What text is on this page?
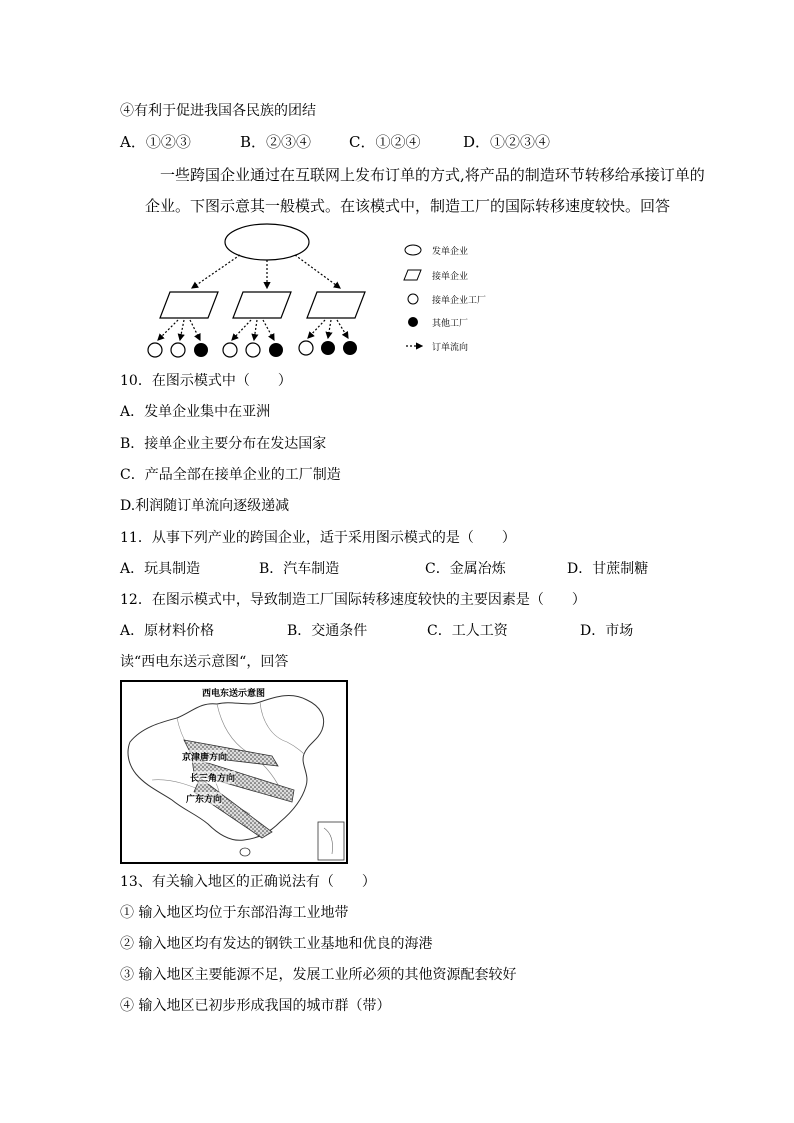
④有利于促进我国各民族的团结
A．①②③	B．②③④	C．①②④	D．①②③④
一些跨国企业通过在互联网上发布订单的方式,将产品的制造环节转移给承接订单的
企业。下图示意其一般模式。在该模式中，制造工厂的国际转移速度较快。回答
发单企业
接单企业
接单企业工厂
其他工厂
订单流向
10．在图示模式中（　　）
A．发单企业集中在亚洲
B．接单企业主要分布在发达国家
C．产品全部在接单企业的工厂制造
D.利润随订单流向逐级递减
11．从事下列产业的跨国企业，适于采用图示模式的是（　　）
A．玩具制造	B．汽车制造	C．金属冶炼	D．甘蔗制糖
12．在图示模式中，导致制造工厂国际转移速度较快的主要因素是（　　）
A．原材料价格	B．交通条件	C．工人工资	D．市场
读“西电东送示意图“，回答
西电东送示意图
京津唐方向
长三角方向
广东方向
13、有关输入地区的正确说法有（　　）
① 输入地区均位于东部沿海工业地带
② 输入地区均有发达的钢铁工业基地和优良的海港
③ 输入地区主要能源不足，发展工业所必须的其他资源配套较好
④ 输入地区已初步形成我国的城市群（带）
